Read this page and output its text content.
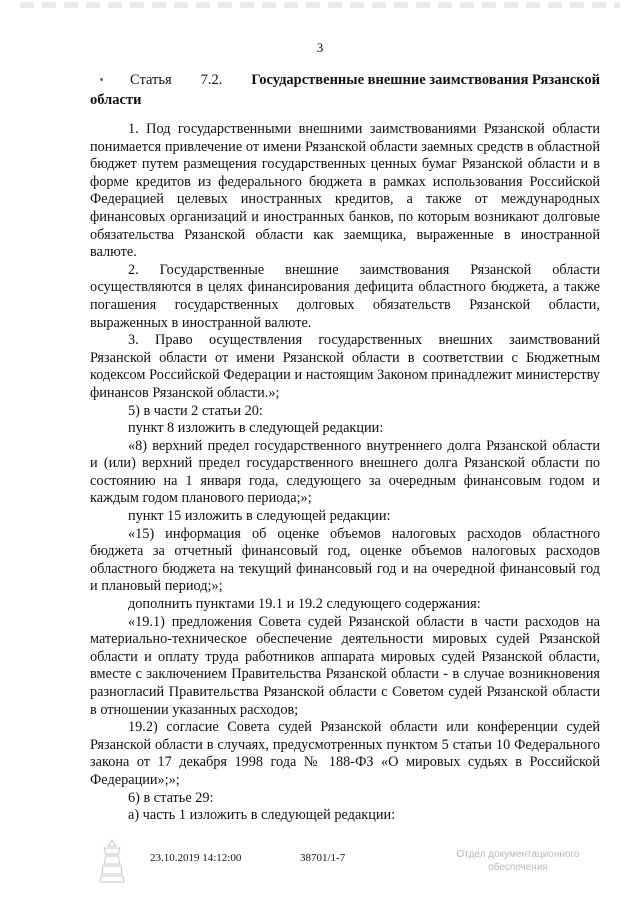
3
Статья 7.2. Государственные внешние заимствования Рязанской
области

1. Под государственными внешними заимствованиями Рязанской области понимается привлечение от имени Рязанской области заемных средств в областной бюджет путем размещения государственных ценных бумаг Рязанской области и в форме кредитов из федерального бюджета в рамках использования Российской Федерацией целевых иностранных кредитов, а также от международных финансовых организаций и иностранных банков, по которым возникают долговые обязательства Рязанской области как заемщика, выраженные в иностранной валюте.

2. Государственные внешние заимствования Рязанской области осуществляются в целях финансирования дефицита областного бюджета, а также погашения государственных долговых обязательств Рязанской области, выраженных в иностранной валюте.

3. Право осуществления государственных внешних заимствований Рязанской области от имени Рязанской области в соответствии с Бюджетным кодексом Российской Федерации и настоящим Законом принадлежит министерству финансов Рязанской области.»;

5) в части 2 статьи 20:

пункт 8 изложить в следующей редакции:

«8) верхний предел государственного внутреннего долга Рязанской области и (или) верхний предел государственного внешнего долга Рязанской области по состоянию на 1 января года, следующего за очередным финансовым годом и каждым годом планового периода;»;

пункт 15 изложить в следующей редакции:

«15) информация об оценке объемов налоговых расходов областного бюджета за отчетный финансовый год, оценке объемов налоговых расходов областного бюджета на текущий финансовый год и на очередной финансовый год и плановый период;»;

дополнить пунктами 19.1 и 19.2 следующего содержания:

«19.1) предложения Совета судей Рязанской области в части расходов на материально-техническое обеспечение деятельности мировых судей Рязанской области и оплату труда работников аппарата мировых судей Рязанской области, вместе с заключением Правительства Рязанской области - в случае возникновения разногласий Правительства Рязанской области с Советом судей Рязанской области в отношении указанных расходов;

19.2) согласие Совета судей Рязанской области или конференции судей Рязанской области в случаях, предусмотренных пунктом 5 статьи 10 Федерального закона от 17 декабря 1998 года № 188-ФЗ «О мировых судьях в Российской Федерации»;»;

6) в статье 29:

а) часть 1 изложить в следующей редакции:

23.10.2019 14:12:00	38701/1-7	Отдел документационного
обеспечения
